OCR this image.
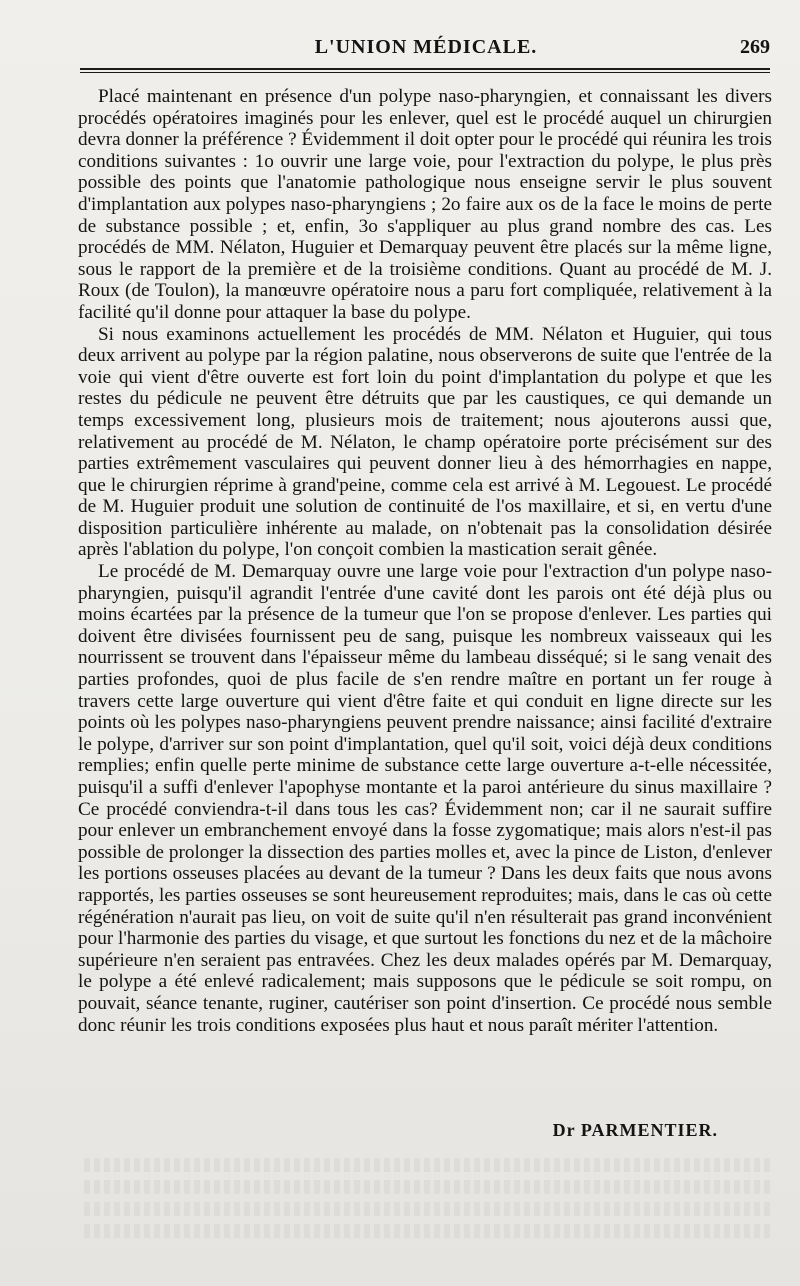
L'UNION MÉDICALE.	269

Placé maintenant en présence d'un polype naso-pharyngien, et connaissant les divers procédés opératoires imaginés pour les enlever, quel est le procédé auquel un chirurgien devra donner la préférence ? Évidemment il doit opter pour le procédé qui réunira les trois conditions suivantes : 1o ouvrir une large voie, pour l'extraction du polype, le plus près possible des points que l'anatomie pathologique nous enseigne servir le plus souvent d'implantation aux polypes naso-pharyngiens ; 2o faire aux os de la face le moins de perte de substance possible ; et, enfin, 3o s'appliquer au plus grand nombre des cas. Les procédés de MM. Nélaton, Huguier et Demarquay peuvent être placés sur la même ligne, sous le rapport de la première et de la troisième conditions. Quant au procédé de M. J. Roux (de Toulon), la manœuvre opératoire nous a paru fort compliquée, relativement à la facilité qu'il donne pour attaquer la base du polype.

Si nous examinons actuellement les procédés de MM. Nélaton et Huguier, qui tous deux arrivent au polype par la région palatine, nous observerons de suite que l'entrée de la voie qui vient d'être ouverte est fort loin du point d'implantation du polype et que les restes du pédicule ne peuvent être détruits que par les caustiques, ce qui demande un temps excessivement long, plusieurs mois de traitement; nous ajouterons aussi que, relativement au procédé de M. Nélaton, le champ opératoire porte précisément sur des parties extrêmement vasculaires qui peuvent donner lieu à des hémorrhagies en nappe, que le chirurgien réprime à grand'peine, comme cela est arrivé à M. Legouest. Le procédé de M. Huguier produit une solution de continuité de l'os maxillaire, et si, en vertu d'une disposition particulière inhérente au malade, on n'obtenait pas la consolidation désirée après l'ablation du polype, l'on conçoit combien la mastication serait gênée.

Le procédé de M. Demarquay ouvre une large voie pour l'extraction d'un polype naso-pharyngien, puisqu'il agrandit l'entrée d'une cavité dont les parois ont été déjà plus ou moins écartées par la présence de la tumeur que l'on se propose d'enlever. Les parties qui doivent être divisées fournissent peu de sang, puisque les nombreux vaisseaux qui les nourrissent se trouvent dans l'épaisseur même du lambeau disséqué; si le sang venait des parties profondes, quoi de plus facile de s'en rendre maître en portant un fer rouge à travers cette large ouverture qui vient d'être faite et qui conduit en ligne directe sur les points où les polypes naso-pharyngiens peuvent prendre naissance; ainsi facilité d'extraire le polype, d'arriver sur son point d'implantation, quel qu'il soit, voici déjà deux conditions remplies; enfin quelle perte minime de substance cette large ouverture a-t-elle nécessitée, puisqu'il a suffi d'enlever l'apophyse montante et la paroi antérieure du sinus maxillaire ? Ce procédé conviendra-t-il dans tous les cas? Évidemment non; car il ne saurait suffire pour enlever un embranchement envoyé dans la fosse zygomatique; mais alors n'est-il pas possible de prolonger la dissection des parties molles et, avec la pince de Liston, d'enlever les portions osseuses placées au devant de la tumeur ? Dans les deux faits que nous avons rapportés, les parties osseuses se sont heureusement reproduites; mais, dans le cas où cette régénération n'aurait pas lieu, on voit de suite qu'il n'en résulterait pas grand inconvénient pour l'harmonie des parties du visage, et que surtout les fonctions du nez et de la mâchoire supérieure n'en seraient pas entravées. Chez les deux malades opérés par M. Demarquay, le polype a été enlevé radicalement; mais supposons que le pédicule se soit rompu, on pouvait, séance tenante, ruginer, cautériser son point d'insertion. Ce procédé nous semble donc réunir les trois conditions exposées plus haut et nous paraît mériter l'attention.

Dr PARMENTIER.
